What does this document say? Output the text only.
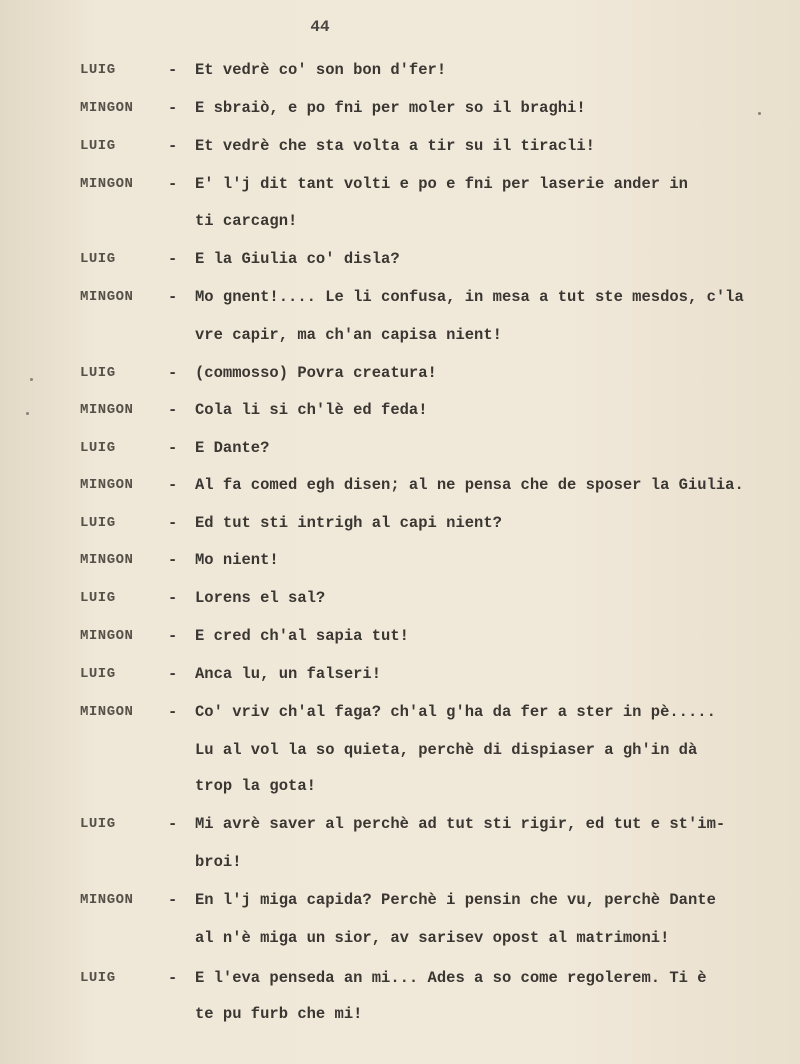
44
LUIG	-	Et vedrè co' son bon d'fer!
MINGON	-	E sbraiò, e po fni per moler so il braghi!
LUIG	-	Et vedrè che sta volta a tir su il tiracli!
MINGON	-	E' l'j dit tant volti e po e fni per laserie ander in
ti carcagn!
LUIG	-	E la Giulia co' disla?
MINGON	-	Mo gnent!.... Le li confusa, in mesa a tut ste mesdos, c'la
vre capir, ma ch'an capisa nient!
LUIG	-	(commosso) Povra creatura!
MINGON	-	Cola li si ch'lè ed feda!
LUIG	-	E Dante?
MINGON	-	Al fa comed egh disen; al ne pensa che de sposer la Giulia.
LUIG	-	Ed tut sti intrigh al capi nient?
MINGON	-	Mo nient!
LUIG	-	Lorens el sal?
MINGON	-	E cred ch'al sapia tut!
LUIG	-	Anca lu, un falseri!
MINGON	-	Co' vriv ch'al faga? ch'al g'ha da fer a ster in pè.....
Lu al vol la so quieta, perchè di dispiaser a gh'in dà
trop la gota!
LUIG	-	Mi avrè saver al perchè ad tut sti rigir, ed tut e st'im-
broi!
MINGON	-	En l'j miga capida? Perchè i pensin che vu, perchè Dante
al n'è miga un sior, av sarisev opost al matrimoni!
LUIG	-	E l'eva penseda an mi... Ades a so come regolerem. Ti è
te pu furb che mi!
